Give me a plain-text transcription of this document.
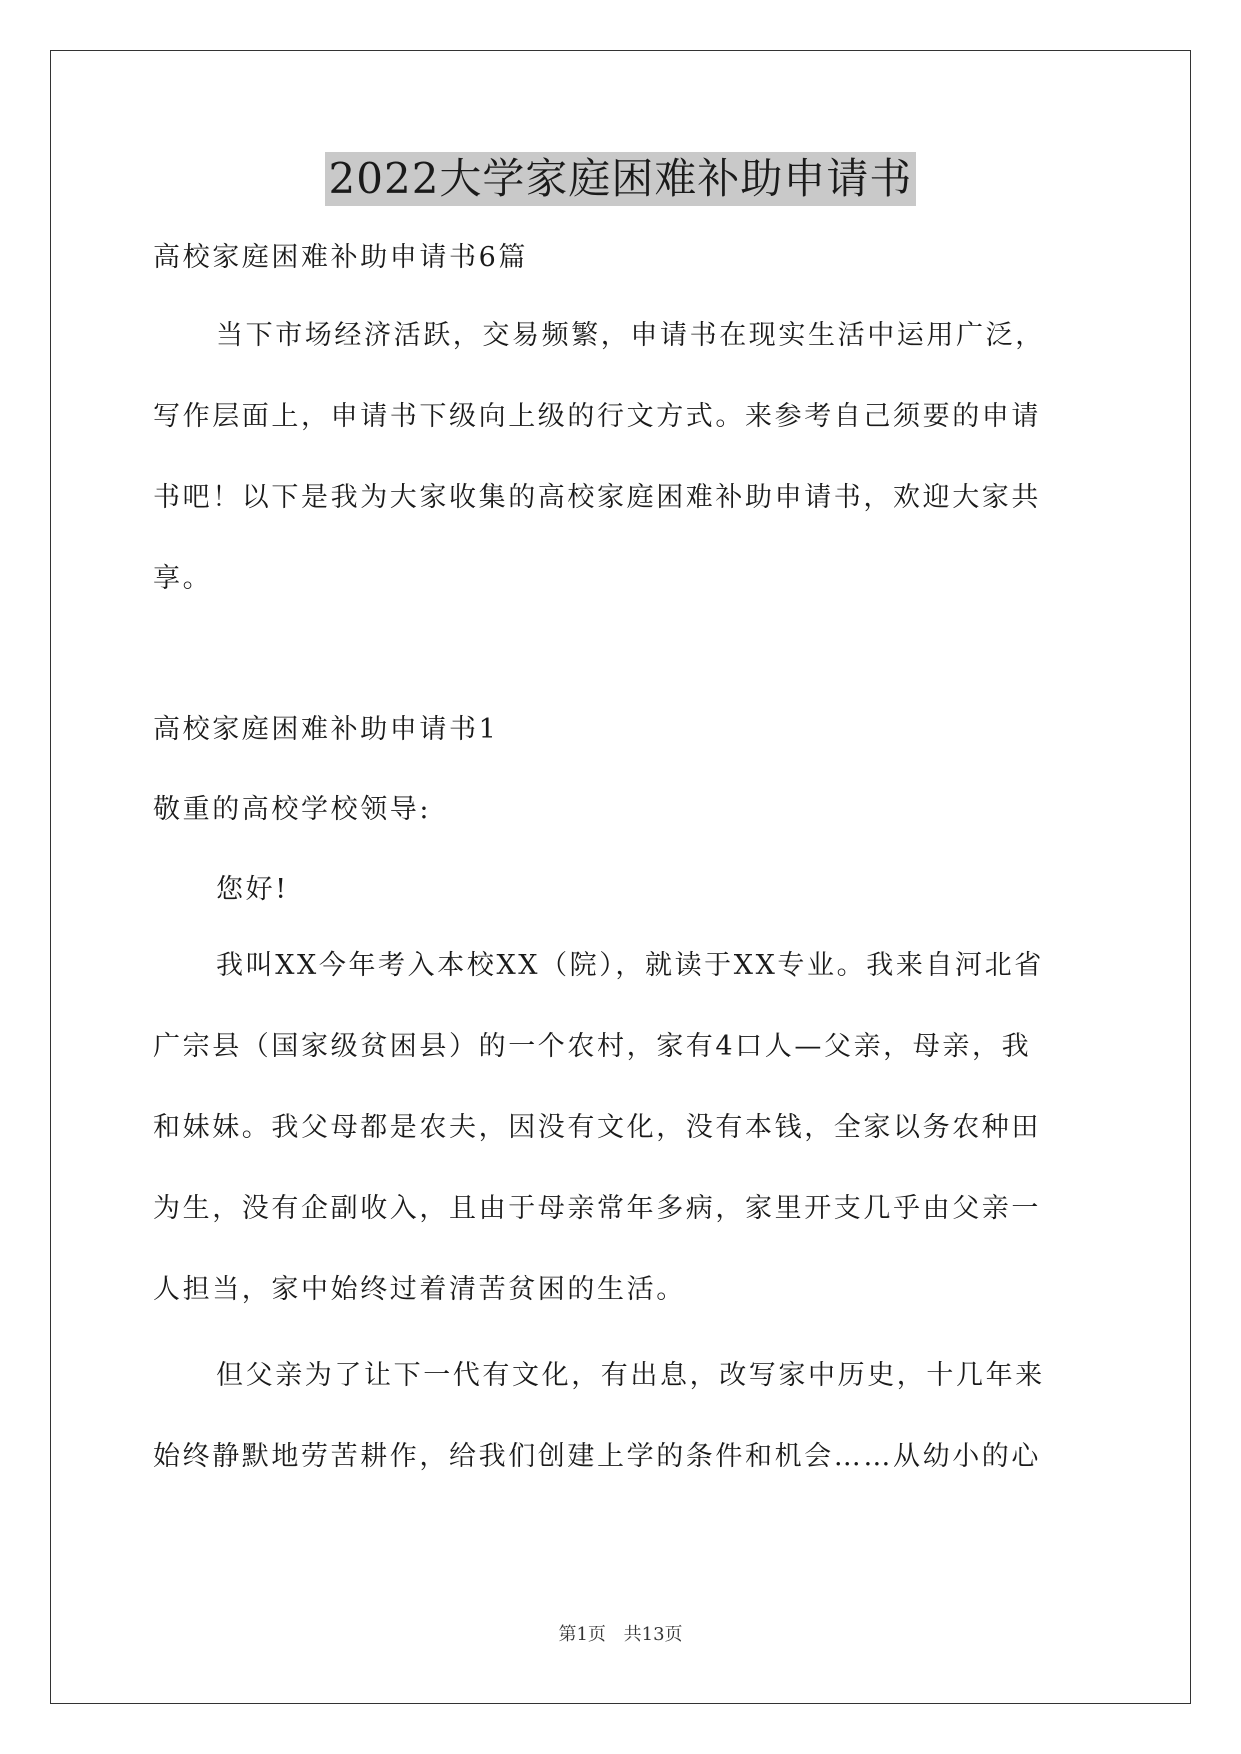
2022大学家庭困难补助申请书

高校家庭困难补助申请书6篇

当下市场经济活跃，交易频繁，申请书在现实生活中运用广泛，
写作层面上，申请书下级向上级的行文方式。来参考自己须要的申请
书吧！以下是我为大家收集的高校家庭困难补助申请书，欢迎大家共
享。

高校家庭困难补助申请书1

敬重的高校学校领导:

您好!

我叫XX今年考入本校XX（院），就读于XX专业。我来自河北省
广宗县（国家级贫困县）的一个农村，家有4口人—父亲，母亲，我
和妹妹。我父母都是农夫，因没有文化，没有本钱，全家以务农种田
为生，没有企副收入，且由于母亲常年多病，家里开支几乎由父亲一
人担当，家中始终过着清苦贫困的生活。
但父亲为了让下一代有文化，有出息，改写家中历史，十几年来
始终静默地劳苦耕作，给我们创建上学的条件和机会……从幼小的心
第1页 共13页
